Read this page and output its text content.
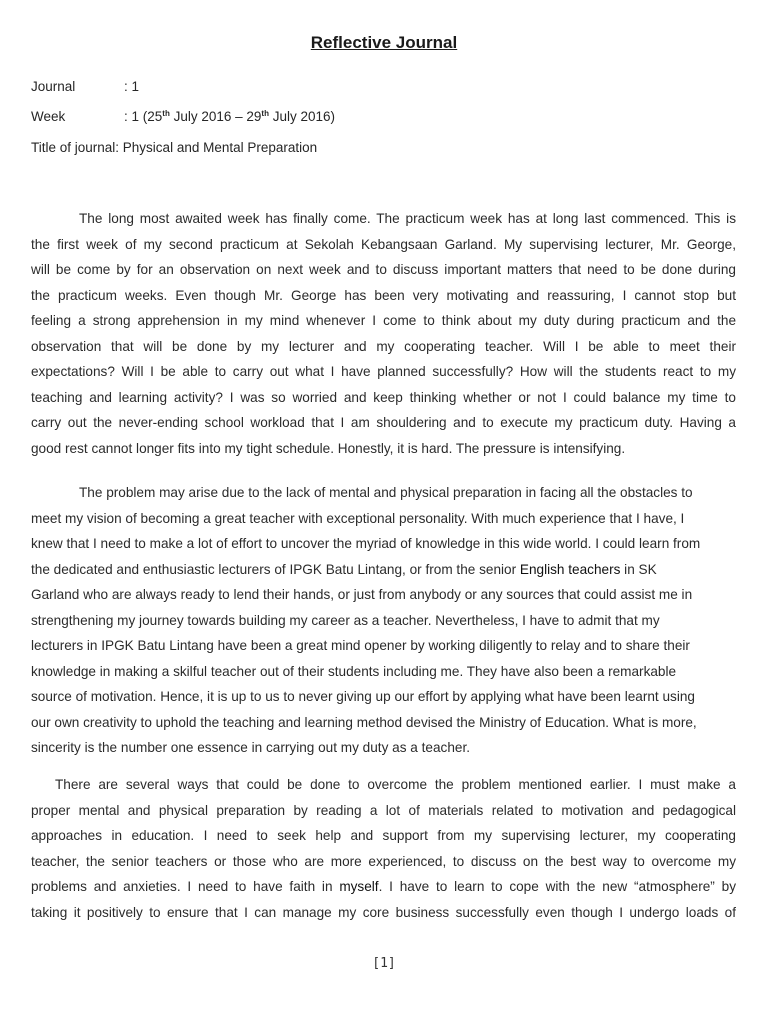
Reflective Journal
Journal	: 1
Week	: 1 (25th July 2016 – 29th July 2016)
Title of journal: Physical and Mental Preparation
The long most awaited week has finally come. The practicum week has at long last commenced. This is
the first week of my second practicum at Sekolah Kebangsaan Garland. My supervising lecturer, Mr. George,
will be come by for an observation on next week and to discuss important matters that need to be done during
the practicum weeks. Even though Mr. George has been very motivating and reassuring, I cannot stop but
feeling a strong apprehension in my mind whenever I come to think about my duty during practicum and the
observation that will be done by my lecturer and my cooperating teacher. Will I be able to meet their
expectations? Will I be able to carry out what I have planned successfully? How will the students react to my
teaching and learning activity? I was so worried and keep thinking whether or not I could balance my time to
carry out the never-ending school workload that I am shouldering and to execute my practicum duty. Having a
good rest cannot longer fits into my tight schedule. Honestly, it is hard. The pressure is intensifying.
The problem may arise due to the lack of mental and physical preparation in facing all the obstacles to
meet my vision of becoming a great teacher with exceptional personality. With much experience that I have, I
knew that I need to make a lot of effort to uncover the myriad of knowledge in this wide world. I could learn from
the dedicated and enthusiastic lecturers of IPGK Batu Lintang, or from the senior English teachers in SK
Garland who are always ready to lend their hands, or just from anybody or any sources that could assist me in
strengthening my journey towards building my career as a teacher. Nevertheless, I have to admit that my
lecturers in IPGK Batu Lintang have been a great mind opener by working diligently to relay and to share their
knowledge in making a skilful teacher out of their students including me. They have also been a remarkable
source of motivation. Hence, it is up to us to never giving up our effort by applying what have been learnt using
our own creativity to uphold the teaching and learning method devised the Ministry of Education. What is more,
sincerity is the number one essence in carrying out my duty as a teacher.
There are several ways that could be done to overcome the problem mentioned earlier. I must make a
proper mental and physical preparation by reading a lot of materials related to motivation and pedagogical
approaches in education. I need to seek help and support from my supervising lecturer, my cooperating
teacher, the senior teachers or those who are more experienced, to discuss on the best way to overcome my
problems and anxieties. I need to have faith in myself. I have to learn to cope with the new “atmosphere” by
taking it positively to ensure that I can manage my core business successfully even though I undergo loads of
[1]
